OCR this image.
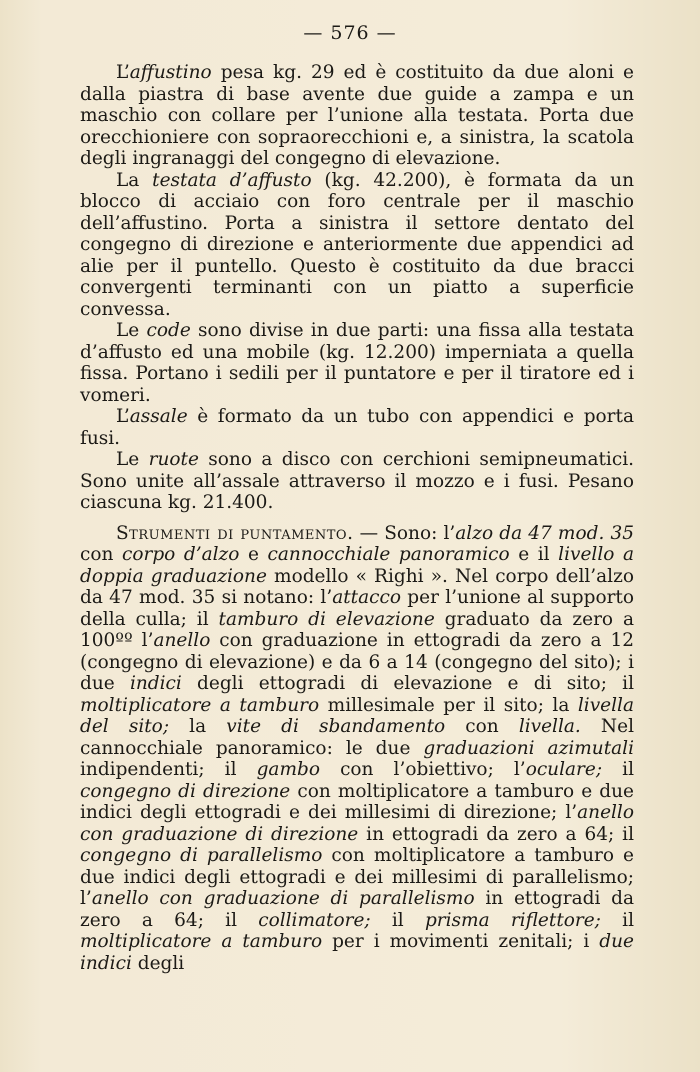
— 576 —

L’affustino pesa kg. 29 ed è costituito da due aloni e dalla piastra di base avente due guide a zampa e un maschio con collare per l’unione alla testata. Porta due orecchioniere con sopraorecchioni e, a sinistra, la scatola degli ingranaggi del congegno di elevazione.

La testata d’affusto (kg. 42.200), è formata da un blocco di acciaio con foro centrale per il maschio dell’affustino. Porta a sinistra il settore dentato del congegno di direzione e anteriormente due appendici ad alie per il puntello. Questo è costituito da due bracci convergenti terminanti con un piatto a superficie convessa.

Le code sono divise in due parti: una fissa alla testata d’affusto ed una mobile (kg. 12.200) imperniata a quella fissa. Portano i sedili per il puntatore e per il tiratore ed i vomeri.

L’assale è formato da un tubo con appendici e porta fusi.

Le ruote sono a disco con cerchioni semipneumatici. Sono unite all’assale attraverso il mozzo e i fusi. Pesano ciascuna kg. 21.400.

Strumenti di puntamento. — Sono: l’alzo da 47 mod. 35 con corpo d’alzo e cannocchiale panoramico e il livello a doppia graduazione modello « Righi ». Nel corpo dell’alzo da 47 mod. 35 si notano: l’attacco per l’unione al supporto della culla; il tamburo di elevazione graduato da zero a 100ºº l’anello con graduazione in ettogradi da zero a 12 (congegno di elevazione) e da 6 a 14 (congegno del sito); i due indici degli ettogradi di elevazione e di sito; il moltiplicatore a tamburo millesimale per il sito; la livella del sito; la vite di sbandamento con livella. Nel cannocchiale panoramico: le due graduazioni azimutali indipendenti; il gambo con l’obiettivo; l’oculare; il congegno di direzione con moltiplicatore a tamburo e due indici degli ettogradi e dei millesimi di direzione; l’anello con graduazione di direzione in ettogradi da zero a 64; il congegno di parallelismo con moltiplicatore a tamburo e due indici degli ettogradi e dei millesimi di parallelismo; l’anello con graduazione di parallelismo in ettogradi da zero a 64; il collimatore; il prisma riflettore; il moltiplicatore a tamburo per i movimenti zenitali; i due indici degli
